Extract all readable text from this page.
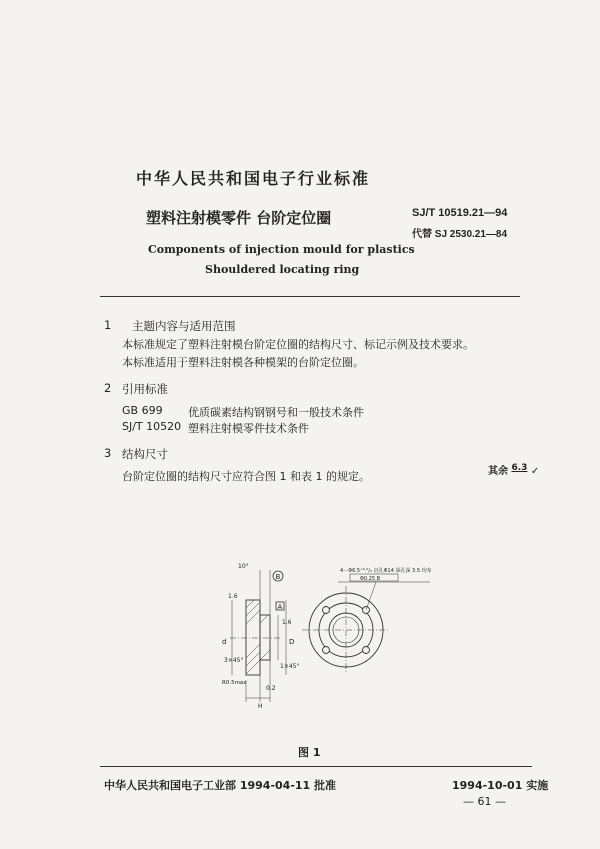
中华人民共和国电子行业标准
塑料注射模零件 台阶定位圈	SJ/T 10519.21—94
代替 SJ 2530.21—84
Components of injection mould for plastics
Shouldered locating ring
1 主题内容与适用范围
本标准规定了塑料注射模台阶定位圈的结构尺寸、标记示例及技术要求。
本标准适用于塑料注射模各种模架的台阶定位圈。
2 引用标准
GB 699 优质碳素结构钢钢号和一般技术条件
SJ/T 10520 塑料注射模零件技术条件
3 结构尺寸
台阶定位圈的结构尺寸应符合图 1 和表 1 的规定。	其余 6.3 ✓
B
A
10°
1.6
1.6
d	D
3×45°
1×45°
R0.5max
0.2
H
4－Φ6.5⁺⁰·²/₀ 沉孔Φ14 深孔深 3.5 均布
Φ0.25 B
图 1
中华人民共和国电子工业部 1994-04-11 批准	1994-10-01 实施
— 61 —
